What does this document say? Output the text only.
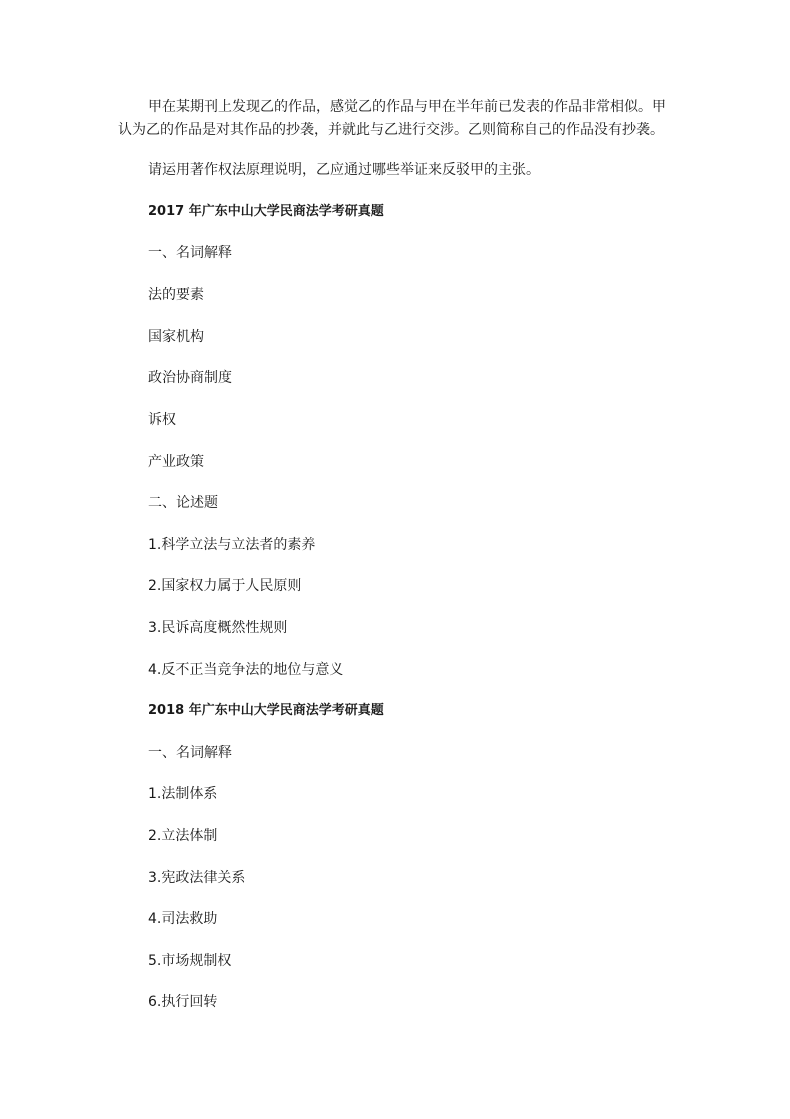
甲在某期刊上发现乙的作品，感觉乙的作品与甲在半年前已发表的作品非常相似。甲认为乙的作品是对其作品的抄袭，并就此与乙进行交涉。乙则简称自己的作品没有抄袭。

请运用著作权法原理说明，乙应通过哪些举证来反驳甲的主张。

2017 年广东中山大学民商法学考研真题

一、名词解释

法的要素

国家机构

政治协商制度

诉权

产业政策

二、论述题

1.科学立法与立法者的素养

2.国家权力属于人民原则

3.民诉高度概然性规则

4.反不正当竞争法的地位与意义

2018 年广东中山大学民商法学考研真题

一、名词解释

1.法制体系

2.立法体制

3.宪政法律关系

4.司法救助

5.市场规制权

6.执行回转
